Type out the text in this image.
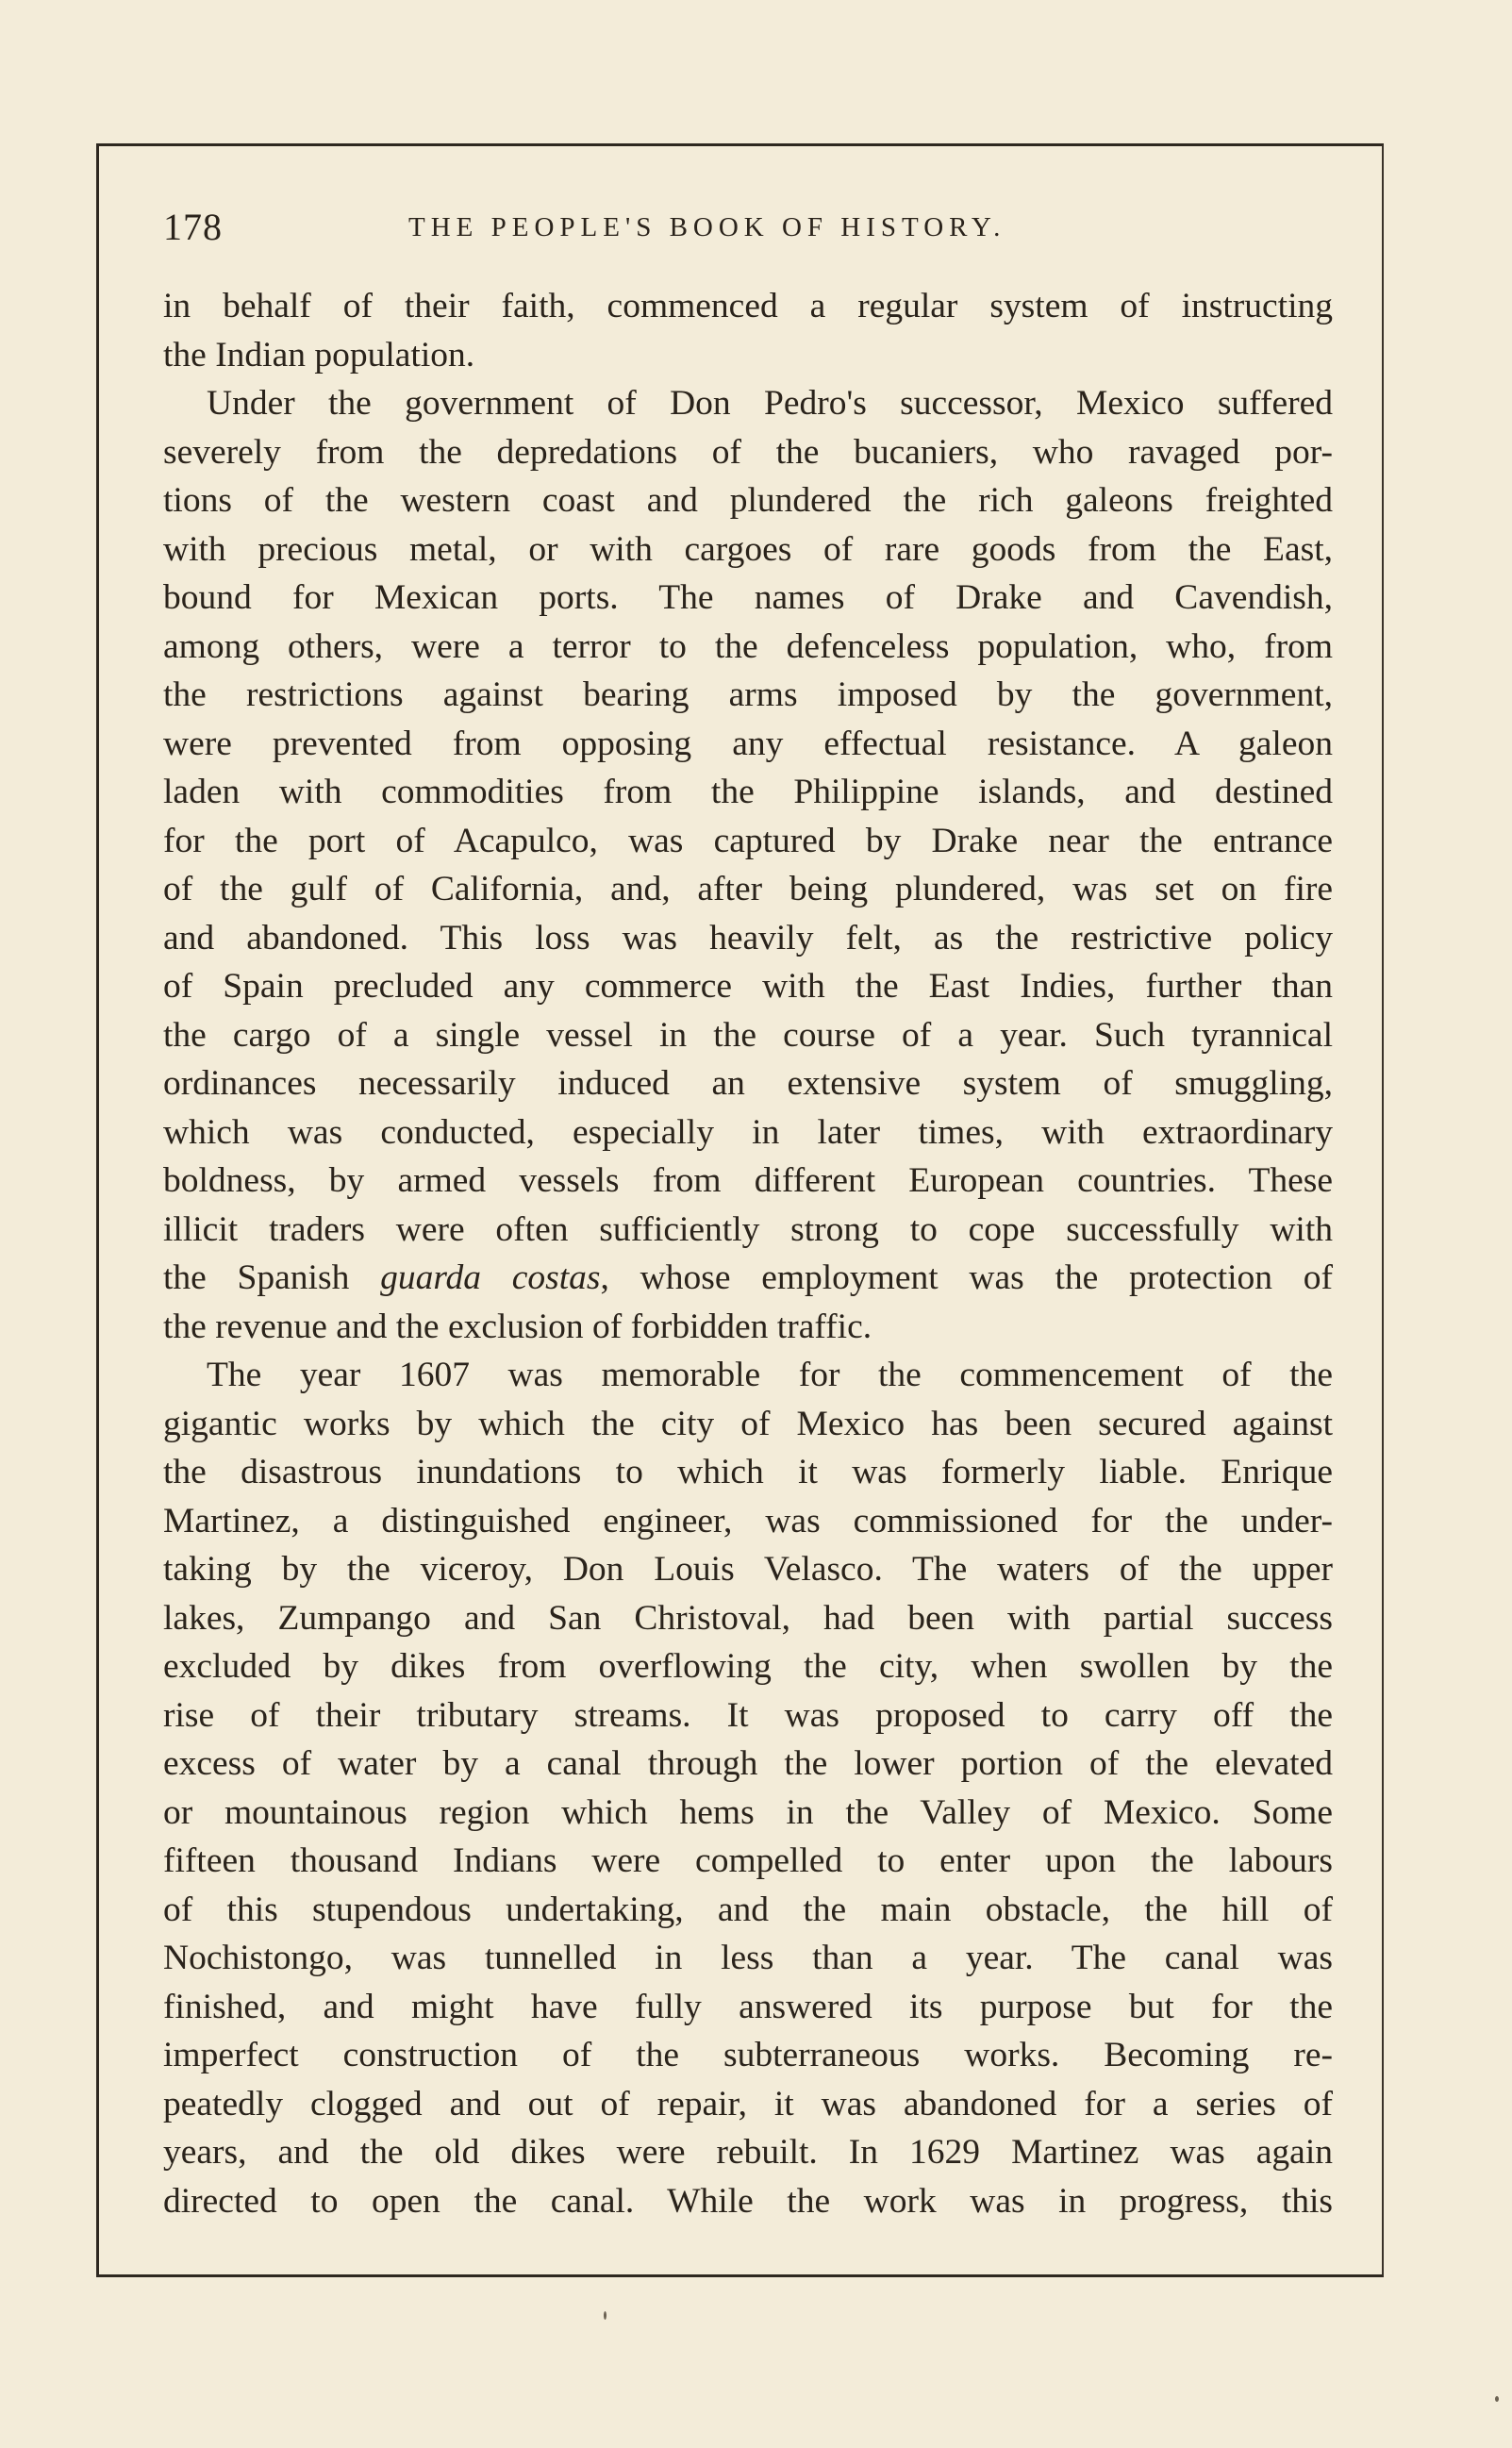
178	THE PEOPLE'S BOOK OF HISTORY.
in behalf of their faith, commenced a regular system of instructing
the Indian population.
Under the government of Don Pedro's successor, Mexico suffered
severely from the depredations of the bucaniers, who ravaged por-
tions of the western coast and plundered the rich galeons freighted
with precious metal, or with cargoes of rare goods from the East,
bound for Mexican ports. The names of Drake and Cavendish,
among others, were a terror to the defenceless population, who, from
the restrictions against bearing arms imposed by the government,
were prevented from opposing any effectual resistance. A galeon
laden with commodities from the Philippine islands, and destined
for the port of Acapulco, was captured by Drake near the entrance
of the gulf of California, and, after being plundered, was set on fire
and abandoned. This loss was heavily felt, as the restrictive policy
of Spain precluded any commerce with the East Indies, further than
the cargo of a single vessel in the course of a year. Such tyrannical
ordinances necessarily induced an extensive system of smuggling,
which was conducted, especially in later times, with extraordinary
boldness, by armed vessels from different European countries. These
illicit traders were often sufficiently strong to cope successfully with
the Spanish guarda costas, whose employment was the protection of
the revenue and the exclusion of forbidden traffic.
The year 1607 was memorable for the commencement of the
gigantic works by which the city of Mexico has been secured against
the disastrous inundations to which it was formerly liable. Enrique
Martinez, a distinguished engineer, was commissioned for the under-
taking by the viceroy, Don Louis Velasco. The waters of the upper
lakes, Zumpango and San Christoval, had been with partial success
excluded by dikes from overflowing the city, when swollen by the
rise of their tributary streams. It was proposed to carry off the
excess of water by a canal through the lower portion of the elevated
or mountainous region which hems in the Valley of Mexico. Some
fifteen thousand Indians were compelled to enter upon the labours
of this stupendous undertaking, and the main obstacle, the hill of
Nochistongo, was tunnelled in less than a year. The canal was
finished, and might have fully answered its purpose but for the
imperfect construction of the subterraneous works. Becoming re-
peatedly clogged and out of repair, it was abandoned for a series of
years, and the old dikes were rebuilt. In 1629 Martinez was again
directed to open the canal. While the work was in progress, this
